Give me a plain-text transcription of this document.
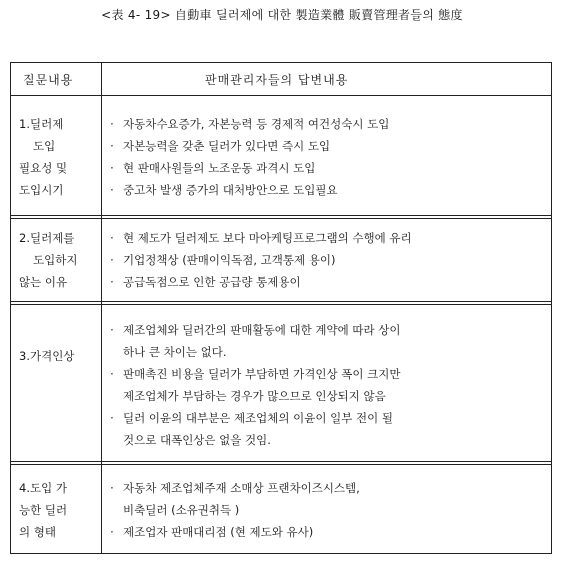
<表 4- 19> 自動車 딜러제에 대한 製造業體 販賣管理者들의 態度
질문내용	판매관리자들의 답변내용
1.딜러제
도입
필요성 및
도입시기
· 자동차수요증가, 자본능력 등 경제적 여건성숙시 도입
· 자본능력을 갖춘 딜러가 있다면 즉시 도입
· 현 판매사원들의 노조운동 과격시 도입
· 중고차 발생 증가의 대처방안으로 도입필요
2.딜러제를
도입하지
않는 이유
· 현 제도가 딜러제도 보다 마아케팅프로그램의 수행에 유리
· 기업정책상 (판매이익독점, 고객통제 용이)
· 공급독점으로 인한 공급량 통제용이
3.가격인상
· 제조업체와 딜러간의 판매활동에 대한 계약에 따라 상이
하나 큰 차이는 없다.
· 판매촉진 비용을 딜러가 부담하면 가격인상 폭이 크지만
제조업체가 부담하는 경우가 많으므로 인상되지 않음
· 딜러 이윤의 대부분은 제조업체의 이윤이 일부 전이 될
것으로 대폭인상은 없을 것임.
4.도입 가
능한 딜러
의 형태
· 자동차 제조업체주재 소매상 프랜차이즈시스템,
비축딜러 (소유권취득 )
· 제조업자 판매대리점 (현 제도와 유사)
